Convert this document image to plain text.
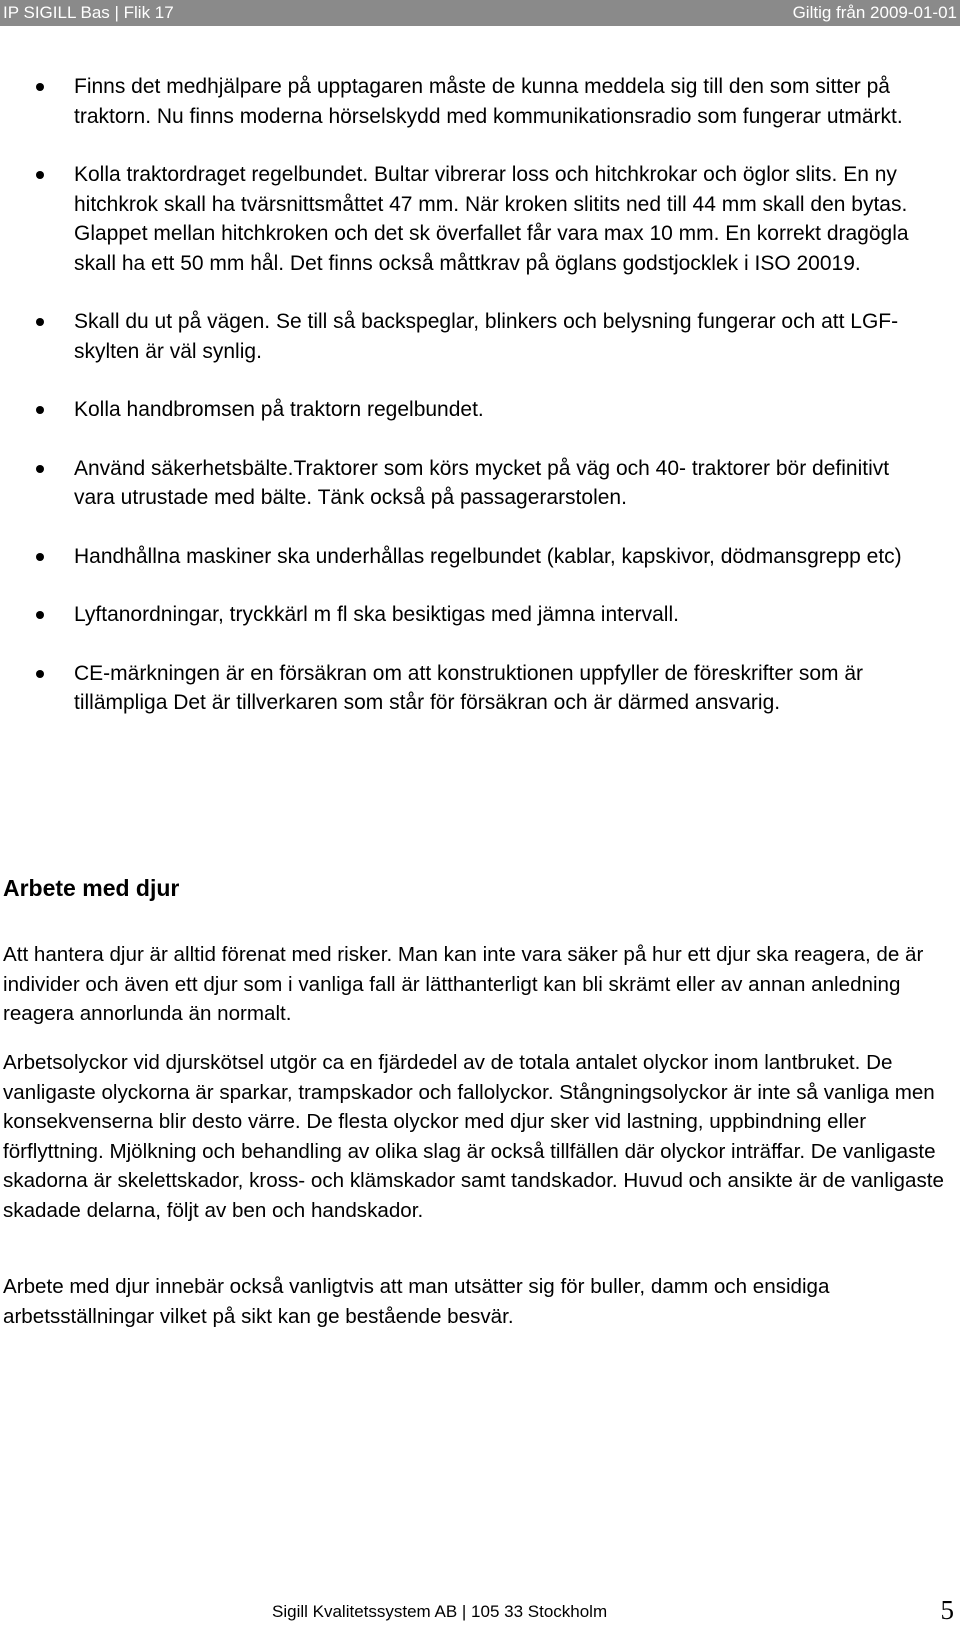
IP SIGILL Bas | Flik 17	Giltig från 2009-01-01
Finns det medhjälpare på upptagaren måste de kunna meddela sig till den som sitter på traktorn. Nu finns moderna hörselskydd med kommunikationsradio som fungerar utmärkt.
Kolla traktordraget regelbundet. Bultar vibrerar loss och hitchkrokar och öglor slits. En ny hitchkrok skall ha tvärsnittsmåttet 47 mm. När kroken slitits ned till 44 mm skall den bytas. Glappet mellan hitchkroken och det sk överfallet får vara max 10 mm. En korrekt dragögla skall ha ett 50 mm hål. Det finns också måttkrav på öglans godstjocklek i ISO 20019.
Skall du ut på vägen. Se till så backspeglar, blinkers och belysning fungerar och att LGF-skylten är väl synlig.
Kolla handbromsen på traktorn regelbundet.
Använd säkerhetsbälte.Traktorer som körs mycket på väg och 40- traktorer bör definitivt vara utrustade med bälte. Tänk också på passagerarstolen.
Handhållna maskiner ska underhållas regelbundet (kablar, kapskivor, dödmansgrepp etc)
Lyftanordningar, tryckkärl m fl ska besiktigas med jämna intervall.
CE-märkningen är en försäkran om att konstruktionen uppfyller de föreskrifter som är tillämpliga Det är tillverkaren som står för försäkran och är därmed ansvarig.
Arbete med djur

Att hantera djur är alltid förenat med risker. Man kan inte vara säker på hur ett djur ska reagera, de är individer och även ett djur som i vanliga fall är lätthanterligt kan bli skrämt eller av annan anledning reagera annorlunda än normalt.

Arbetsolyckor vid djurskötsel utgör ca en fjärdedel av de totala antalet olyckor inom lantbruket. De vanligaste olyckorna är sparkar, trampskador och fallolyckor. Stångningsolyckor är inte så vanliga men konsekvenserna blir desto värre. De flesta olyckor med djur sker vid lastning, uppbindning eller förflyttning. Mjölkning och behandling av olika slag är också tillfällen där olyckor inträffar. De vanligaste skadorna är skelettskador, kross- och klämskador samt tandskador. Huvud och ansikte är de vanligaste skadade delarna, följt av ben och handskador.

Arbete med djur innebär också vanligtvis att man utsätter sig för buller, damm och ensidiga arbetsställningar vilket på sikt kan ge bestående besvär.

Sigill Kvalitetssystem AB | 105 33 Stockholm	5
